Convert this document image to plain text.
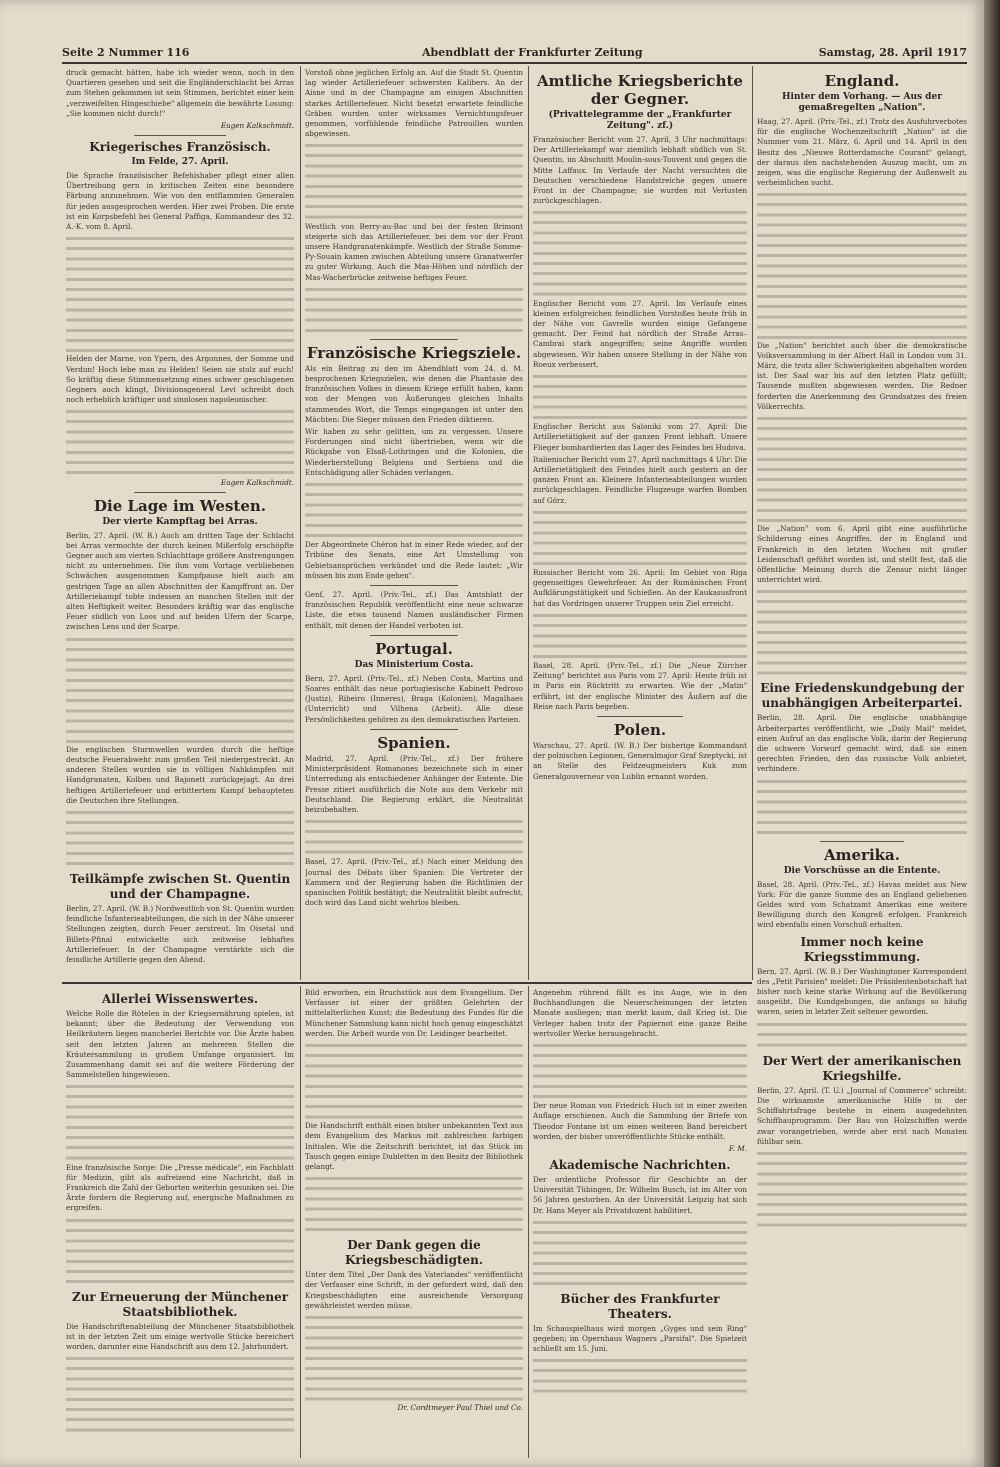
Seite 2 Nummer 116	Abendblatt der Frankfurter Zeitung	Samstag, 28. April 1917

druck gemacht hätten, habe ich wieder wenn, noch in den Quartieren gesehen und seit die Engländerschlacht bei Arras zum Stehen gekommen ist sein Stimmen, berichtet einer kein „verzweifelten Hingeschiebe" allgemein die bewährte Losung: „Sie kommen nicht durch!"

Eugen Kalkschmidt.
Kriegerisches Französisch.
Im Felde, 27. April.

Die Sprache französischer Befehlshaber pflegt einer allen Übertreibung gern in kritischen Zeiten eine besondere Färbung anzunehmen. Wie von den entflammten Generalen für jeden ausgesprochen werden. Hier zwei Proben. Die erste ist ein Korpsbefehl bei General Paffiga, Kommandeur des 32. A.-K. vom 8. April.

Helden der Marne, von Ypern, des Argonnes, der Somme und Verdun! Hoch lebe man zu Helden! Seien sie stolz auf euch! So kräftig diese Stimmensetzung eines schwer geschlagenen Gegners auch klingt, Divisionsgeneral Levi schreibt doch noch erheblich kräftiger und sinnlosen napoleonischer.

Eugen Kalkschmidt.
Die Lage im Westen.
Der vierte Kampftag bei Arras.

Berlin, 27. April. (W. B.) Auch am dritten Tage der Schlacht bei Arras vermochte der durch keinen Mißerfolg erschöpfte Gegner auch am vierten Schlachttage größere Anstrengungen nicht zu unternehmen. Die ihm vom Vortage verbliebenen Schwächen ausgenommen Kampfpause hielt auch am gestrigen Tage an allen Abschnitten der Kampffront an. Der Artilleriekampf tobte indessen an manchen Stellen mit der alten Heftigkeit weiter. Besonders kräftig war das englische Feuer südlich von Loos und auf beiden Ufern der Scarpe, zwischen Lens und der Scarpe.

Die englischen Sturmwellen wurden durch die heftige deutsche Feuerabwehr zum großen Teil niedergestreckt. An anderen Stellen wurden sie in völligen Nahkämpfen mit Handgranaten, Kolben und Bajonett zurückgejagt. An drei heftigen Artilleriefeuer und erbittertem Kampf behaupteten die Deutschen ihre Stellungen.

Teilkämpfe zwischen St. Quentin und der Champagne.

Berlin, 27. April. (W. B.) Nordwestlich von St. Quentin wurden feindliche Infanterieabteilungen, die sich in der Nähe unserer Stellungen zeigten, durch Feuer zerstreut. Im Oisetal und Billets-Pfinal entwickelte sich zeitweise lebhaftes Artilleriefeuer. In der Champagne verstärkte sich die feindliche Artillerie gegen den Abend.

Vorstoß ohne jeglichen Erfolg an. Auf die Stadt St. Quentin lag wieder Artilleriefeuer schwersten Kalibers. An der Aisne und in der Champagne am einigen Abschnitten starkes Artilleriefeuer. Nicht besetzt erwartete feindliche Gräben wurden unter wirksames Vernichtungsfeuer genommen, vorfühlende feindliche Patrouillen wurden abgewiesen.

Westlich von Berry-au-Bac und bei der festen Brimont steigerte sich das Artilleriefeuer, bei dem vor der Front unsere Handgranatenkämpfe. Westlich der Straße Somme-Py-Souain kamen zwischen Abteilung unsere Granatwerfer zu guter Wirkung. Auch die Mas-Höhen und nördlich der Mas-Wacherbrücke zeitweise heftiges Feuer.

Französische Kriegsziele.

Als ein Beitrag zu den im Abendblatt vom 24. d. M. besprochenen Kriegszielen, wie denen die Phantasie des französischen Volkes in diesem Kriege erfüllt haben, kann von der Mengen von Äußerungen gleichen Inhalts stammendes Wort, die Temps eingegangen ist unter den Mächten: Die Sieger müssen den Frieden diktieren.

Wir haben zu sehr gelitten, um zu vergessen. Unsere Forderungen sind nicht übertrieben, wenn wir die Rückgabe von Elsaß-Lothringen und die Kolonien, die Wiederherstellung Belgiens und Serbiens und die Entschädigung aller Schäden verlangen.

Der Abgeordnete Chéron hat in einer Rede wieder, auf der Tribüne des Senats, eine Art Umstellung von Gebietsansprüchen verkündet und die Rede lautet: „Wir müssen bis zum Ende gehen".

Genf, 27. April. (Priv.-Tel., zf.) Das Amtsblatt der französischen Republik veröffentlicht eine neue schwarze Liste, die etwa tausend Namen ausländischer Firmen enthält, mit denen der Handel verboten ist.

Portugal.
Das Ministerium Costa.

Bern, 27. April. (Priv.-Tel., zf.) Neben Costa, Martins und Soares enthält das neue portugiesische Kabinett Pedroso (Justiz), Ribeiro (Inneres), Braga (Kolonien), Magalhaes (Unterricht) und Vilhena (Arbeit). Alle diese Persönlichkeiten gehören zu den demokratischen Parteien.

Spanien.

Madrid, 27. April. (Priv.-Tel., zf.) Der frühere Ministerpräsident Romanones bezeichnete sich in einer Unterredung als entschiedener Anhänger der Entente. Die Presse zitiert ausführlich die Note aus dem Verkehr mit Deutschland. Die Regierung erklärt, die Neutralität beizubehalten.

Basel, 27. April. (Priv.-Tel., zf.) Nach einer Meldung des Journal des Débats über Spanien: Die Vertreter der Kammern und der Regierung haben die Richtlinien der spanischen Politik bestätigt; die Neutralität bleibt aufrecht, doch wird das Land nicht wehrlos bleiben.

Amtliche Kriegsberichte der Gegner.
(Privattelegramme der „Frankfurter Zeitung". zf.)

Französischer Bericht vom 27. April, 3 Uhr nachmittags: Der Artilleriekampf war ziemlich lebhaft südlich von St. Quentin, im Abschnitt Moulin-sous-Touvent und gegen die Mitte Laffaux. Im Verlaufe der Nacht versuchten die Deutschen verschiedene Handstreiche gegen unsere Front in der Champagne; sie wurden mit Verlusten zurückgeschlagen.

Englischer Bericht vom 27. April. Im Verlaufe eines kleinen erfolgreichen feindlichen Vorstoßes heute früh in der Nähe von Gavrelle wurden einige Gefangene gemacht. Der Feind hat nördlich der Straße Arras–Cambrai stark angegriffen; seine Angriffe wurden abgewiesen. Wir haben unsere Stellung in der Nähe von Roeux verbessert.

Englischer Bericht aus Saloniki vom 27. April: Die Artillerietätigkeit auf der ganzen Front lebhaft. Unsere Flieger bombardierten das Lager des Feindes bei Hudova.

Italienischer Bericht vom 27. April nachmittags 4 Uhr: Die Artillerietätigkeit des Feindes hielt auch gestern an der ganzen Front an. Kleinere Infanterieabteilungen wurden zurückgeschlagen. Feindliche Flugzeuge warfen Bomben auf Görz.

Russischer Bericht vom 26. April: Im Gebiet von Riga gegenseitiges Gewehrfeuer. An der Rumänischen Front Aufklärungstätigkeit und Schießen. An der Kaukasusfront hat das Vordringen unserer Truppen sein Ziel erreicht.

Basel, 28. April. (Priv.-Tel., zf.) Die „Neue Zürcher Zeitung" berichtet aus Paris vom 27. April: Heute früh ist in Paris ein Rücktritt zu erwarten. Wie der „Matin" erfährt, ist der englische Minister des Äußern auf die Reise nach Paris begeben.

Polen.

Warschau, 27. April. (W. B.) Der bisherige Kommandant der polnischen Legionen, Generalmajor Graf Szeptycki, ist an Stelle des Feldzeugmeisters Kuk zum Generalgouverneur von Lublin ernannt worden.

England.
Hinter dem Vorhang. — Aus der gemaßregelten „Nation".

Haag, 27. April. (Priv.-Tel., zf.) Trotz des Ausfuhrverbotes für die englische Wochenzeitschrift „Nation" ist die Nummer vom 21. März, 6. April und 14. April in den Besitz des „Nieuwe Rotterdamsche Courant" gelangt, der daraus den nachstehenden Auszug macht, um zu zeigen, was die englische Regierung der Außenwelt zu verheimlichen sucht.

Die „Nation" berichtet auch über die demokratische Volksversammlung in der Albert Hall in London vom 31. März, die trotz aller Schwierigkeiten abgehalten worden ist. Der Saal war bis auf den letzten Platz gefüllt; Tausende mußten abgewiesen werden. Die Redner forderten die Anerkennung des Grundsatzes des freien Völkerrechts.

Die „Nation" vom 6. April gibt eine ausführliche Schilderung eines Angriffes, der in England und Frankreich in den letzten Wochen mit großer Leidenschaft geführt worden ist, und stellt fest, daß die öffentliche Meinung durch die Zensur nicht länger unterrichtet wird.

Eine Friedenskundgebung der unabhängigen Arbeiterpartei.

Berlin, 28. April. Die englische unabhängige Arbeiterpartei veröffentlicht, wie „Daily Mail" meldet, einen Aufruf an das englische Volk, darin der Regierung die schwere Vorwurf gemacht wird, daß sie einen gerechten Frieden, den das russische Volk anbietet, verhindere.

Amerika.
Die Vorschüsse an die Entente.

Basel, 28. April. (Priv.-Tel., zf.) Havas meldet aus New York: Für die ganze Summe des an England geliehenen Geldes wird vom Schatzamt Amerikas eine weitere Bewilligung durch den Kongreß erfolgen. Frankreich wird ebenfalls einen Vorschuß erhalten.

Immer noch keine Kriegsstimmung.

Bern, 27. April. (W. B.) Der Washingtoner Korrespondent des „Petit Parisien" meldet: Die Präsidentenbotschaft hat bisher noch keine starke Wirkung auf die Bevölkerung ausgeübt. Die Kundgebungen, die anfangs so häufig waren, seien in letzter Zeit seltener geworden.

Der Wert der amerikanischen Kriegshilfe.

Berlin, 27. April. (T. U.) „Journal of Commerce" schreibt: Die wirksamste amerikanische Hilfe in der Schiffahrtsfrage bestehe in einem ausgedehnten Schiffbauprogramm. Der Bau von Holzschiffen werde zwar vorangetrieben, werde aber erst nach Monaten fühlbar sein.

Allerlei Wissenswertes.

Welche Rolle die Rötelen in der Kriegsernährung spielen, ist bekannt; über die Bedeutung der Verwendung von Heilkräutern liegen mancherlei Berichte vor. Die Ärzte haben seit den letzten Jahren an mehreren Stellen die Kräutersammlung in großem Umfange organisiert. Im Zusammenhang damit sei auf die weitere Förderung der Sammelstellen hingewiesen.

Eine französische Sorge: Die „Presse médicale", ein Fachblatt für Medizin, gibt als aufreizend eine Nachricht, daß in Frankreich die Zahl der Geburten weiterhin gesunken sei. Die Ärzte fordern die Regierung auf, energische Maßnahmen zu ergreifen.

Zur Erneuerung der Münchener Staatsbibliothek.

Die Handschriftenabteilung der Münchener Staatsbibliothek ist in der letzten Zeit um einige wertvolle Stücke bereichert worden, darunter eine Handschrift aus dem 12. Jahrhundert.

Bild erworben, ein Bruchstück aus dem Evangelium. Der Verfasser ist einer der größten Gelehrten der mittelalterlichen Kunst; die Bedeutung des Fundes für die Münchener Sammlung kann nicht hoch genug eingeschätzt werden. Die Arbeit wurde von Dr. Leidinger bearbeitet.

Die Handschrift enthält einen bisher unbekannten Text aus dem Evangelium des Markus mit zahlreichen farbigen Initialen. Wie die Zeitschrift berichtet, ist das Stück im Tausch gegen einige Dubletten in den Besitz der Bibliothek gelangt.

Der Dank gegen die Kriegsbeschädigten.

Unter dem Titel „Der Dank des Vaterlandes" veröffentlicht der Verfasser eine Schrift, in der gefordert wird, daß den Kriegsbeschädigten eine ausreichende Versorgung gewährleistet werden müsse.

Dr. Cordtmeyer Paul Thiel und Co.

Angenehm rührend fällt es ins Auge, wie in den Buchhandlungen die Neuerscheinungen der letzten Monate ausliegen; man merkt kaum, daß Krieg ist. Die Verleger haben trotz der Papiernot eine ganze Reihe wertvoller Werke herausgebracht.

Der neue Roman von Friedrich Huch ist in einer zweiten Auflage erschienen. Auch die Sammlung der Briefe von Theodor Fontane ist um einen weiteren Band bereichert worden, der bisher unveröffentlichte Stücke enthält.

F. M.
Akademische Nachrichten.

Der ordentliche Professor für Geschichte an der Universität Tübingen, Dr. Wilhelm Busch, ist im Alter von 56 Jahren gestorben. An der Universität Leipzig hat sich Dr. Hans Meyer als Privatdozent habilitiert.

Bücher des Frankfurter Theaters.

Im Schauspielhaus wird morgen „Gyges und sein Ring" gegeben; im Opernhaus Wagners „Parsifal". Die Spielzeit schließt am 15. Juni.
